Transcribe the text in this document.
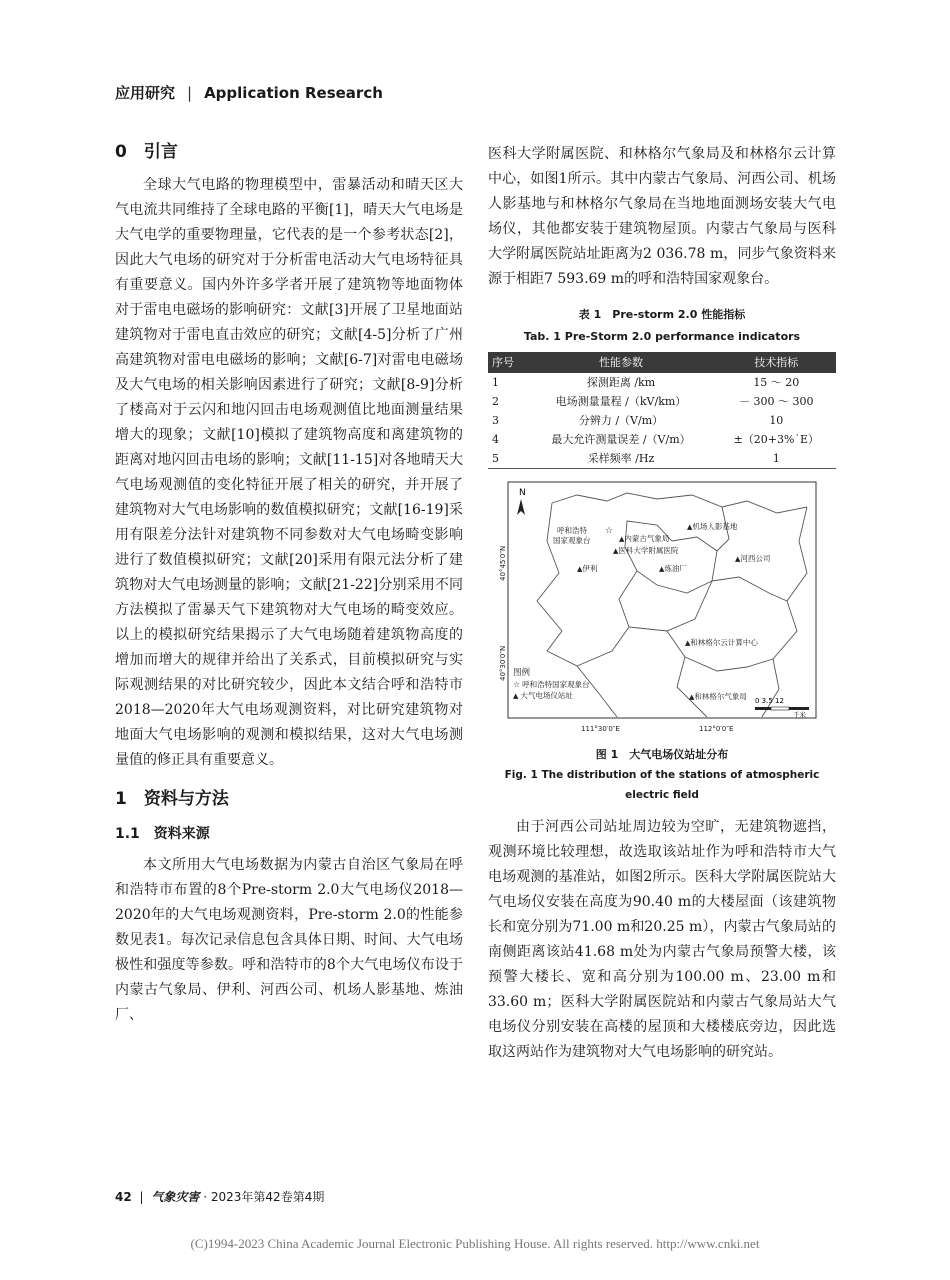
应用研究 | Application Research
0　引言

全球大气电路的物理模型中，雷暴活动和晴天区大气电流共同维持了全球电路的平衡[1]，晴天大气电场是大气电学的重要物理量，它代表的是一个参考状态[2]，因此大气电场的研究对于分析雷电活动大气电场特征具有重要意义。国内外许多学者开展了建筑物等地面物体对于雷电电磁场的影响研究：文献[3]开展了卫星地面站建筑物对于雷电直击效应的研究；文献[4-5]分析了广州高建筑物对雷电电磁场的影响；文献[6-7]对雷电电磁场及大气电场的相关影响因素进行了研究；文献[8-9]分析了楼高对于云闪和地闪回击电场观测值比地面测量结果增大的现象；文献[10]模拟了建筑物高度和离建筑物的距离对地闪回击电场的影响；文献[11-15]对各地晴天大气电场观测值的变化特征开展了相关的研究，并开展了建筑物对大气电场影响的数值模拟研究；文献[16-19]采用有限差分法针对建筑物不同参数对大气电场畸变影响进行了数值模拟研究；文献[20]采用有限元法分析了建筑物对大气电场测量的影响；文献[21-22]分别采用不同方法模拟了雷暴天气下建筑物对大气电场的畸变效应。以上的模拟研究结果揭示了大气电场随着建筑物高度的增加而增大的规律并给出了关系式，目前模拟研究与实际观测结果的对比研究较少，因此本文结合呼和浩特市2018—2020年大气电场观测资料，对比研究建筑物对地面大气电场影响的观测和模拟结果，这对大气电场测量值的修正具有重要意义。

1　资料与方法
1.1　资料来源

本文所用大气电场数据为内蒙古自治区气象局在呼和浩特市布置的8个Pre-storm 2.0大气电场仪2018—2020年的大气电场观测资料，Pre-storm 2.0的性能参数见表1。每次记录信息包含具体日期、时间、大气电场极性和强度等参数。呼和浩特市的8个大气电场仪布设于内蒙古气象局、伊利、河西公司、机场人影基地、炼油厂、

医科大学附属医院、和林格尔气象局及和林格尔云计算中心，如图1所示。其中内蒙古气象局、河西公司、机场人影基地与和林格尔气象局在当地地面测场安装大气电场仪，其他都安装于建筑物屋顶。内蒙古气象局与医科大学附属医院站址距离为2 036.78 m，同步气象资料来源于相距7 593.69 m的呼和浩特国家观象台。

表 1　Pre-storm 2.0 性能指标
Tab. 1 Pre-Storm 2.0 performance indicators
序号	性能参数	技术指标
1	探测距离 /km	15 ～ 20
2	电场测量量程 /（kV/km）	－ 300 ～ 300
3	分辨力 /（V/m）	10
4	最大允许测量误差 /（V/m）	±（20+3%˙E）
5	采样频率 /Hz	1
N
呼和浩特
国家观象台
☆
▲内蒙古气象局
▲医科大学附属医院
▲机场人影基地
▲河西公司
▲伊利	▲炼油厂
▲和林格尔云计算中心
▲和林格尔气象局
40°45′0″N
40°30′0″N 图例
☆ 呼和浩特国家观象台
▲ 大气电场仪站址
0 3.5 12
千米
111°30′0″E	112°0′0″E
图 1　大气电场仪站址分布
Fig. 1 The distribution of the stations of atmospheric electric field

由于河西公司站址周边较为空旷，无建筑物遮挡，观测环境比较理想，故选取该站址作为呼和浩特市大气电场观测的基准站，如图2所示。医科大学附属医院站大气电场仪安装在高度为90.40 m的大楼屋面（该建筑物长和宽分别为71.00 m和20.25 m），内蒙古气象局站的南侧距离该站41.68 m处为内蒙古气象局预警大楼，该预警大楼长、宽和高分别为100.00 m、23.00 m和33.60 m；医科大学附属医院站和内蒙古气象局站大气电场仪分别安装在高楼的屋顶和大楼楼底旁边，因此选取这两站作为建筑物对大气电场影响的研究站。

42 | 气象灾害 · 2023年第42卷第4期
(C)1994-2023 China Academic Journal Electronic Publishing House. All rights reserved. http://www.cnki.net
